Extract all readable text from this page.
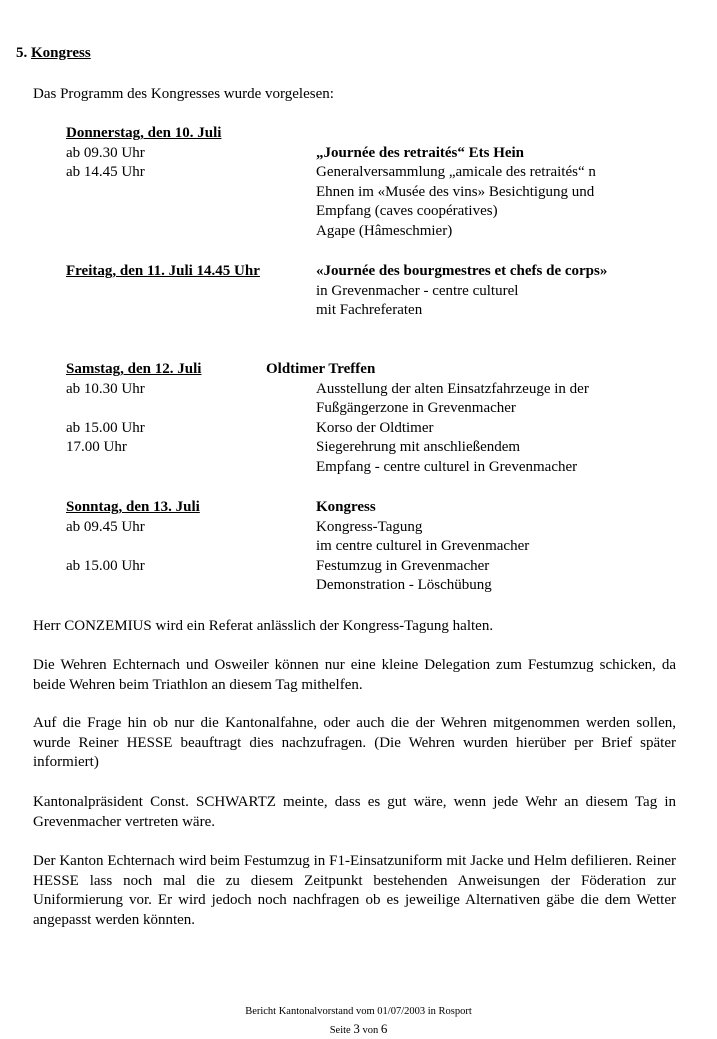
5. Kongress
Das Programm des Kongresses wurde vorgelesen:
Donnerstag, den 10. Juli
ab 09.30 Uhr	„Journée des retraités“ Ets Hein
ab 14.45 Uhr	Generalversammlung „amicale des retraités“ n
Ehnen im «Musée des vins» Besichtigung und
Empfang (caves coopératives)
Agape (Hâmeschmier)
Freitag, den 11. Juli 14.45 Uhr	«Journée des bourgmestres et chefs de corps»
in Grevenmacher - centre culturel
mit Fachreferaten
Samstag, den 12. Juli	Oldtimer Treffen
ab 10.30 Uhr	Ausstellung der alten Einsatzfahrzeuge in der
Fußgängerzone in Grevenmacher
ab 15.00 Uhr	Korso der Oldtimer
17.00 Uhr	Siegerehrung mit anschließendem
Empfang - centre culturel in Grevenmacher
Sonntag, den 13. Juli	Kongress
ab 09.45 Uhr	Kongress-Tagung
im centre culturel in Grevenmacher
ab 15.00 Uhr	Festumzug in Grevenmacher
Demonstration - Löschübung
Herr CONZEMIUS wird ein Referat anlässlich der Kongress-Tagung halten.
Die Wehren Echternach und Osweiler können nur eine kleine Delegation zum Festumzug schicken, da beide Wehren beim Triathlon an diesem Tag mithelfen.
Auf die Frage hin ob nur die Kantonalfahne, oder auch die der Wehren mitgenommen werden sollen, wurde Reiner HESSE beauftragt dies nachzufragen. (Die Wehren wurden hierüber per Brief später informiert)
Kantonalpräsident Const. SCHWARTZ meinte, dass es gut wäre, wenn jede Wehr an diesem Tag in Grevenmacher vertreten wäre.
Der Kanton Echternach wird beim Festumzug in F1-Einsatzuniform mit Jacke und Helm defilieren. Reiner HESSE lass noch mal die zu diesem Zeitpunkt bestehenden Anweisungen der Föderation zur Uniformierung vor. Er wird jedoch noch nachfragen ob es jeweilige Alternativen gäbe die dem Wetter angepasst werden könnten.
Bericht Kantonalvorstand vom 01/07/2003 in Rosport
Seite 3 von 6
